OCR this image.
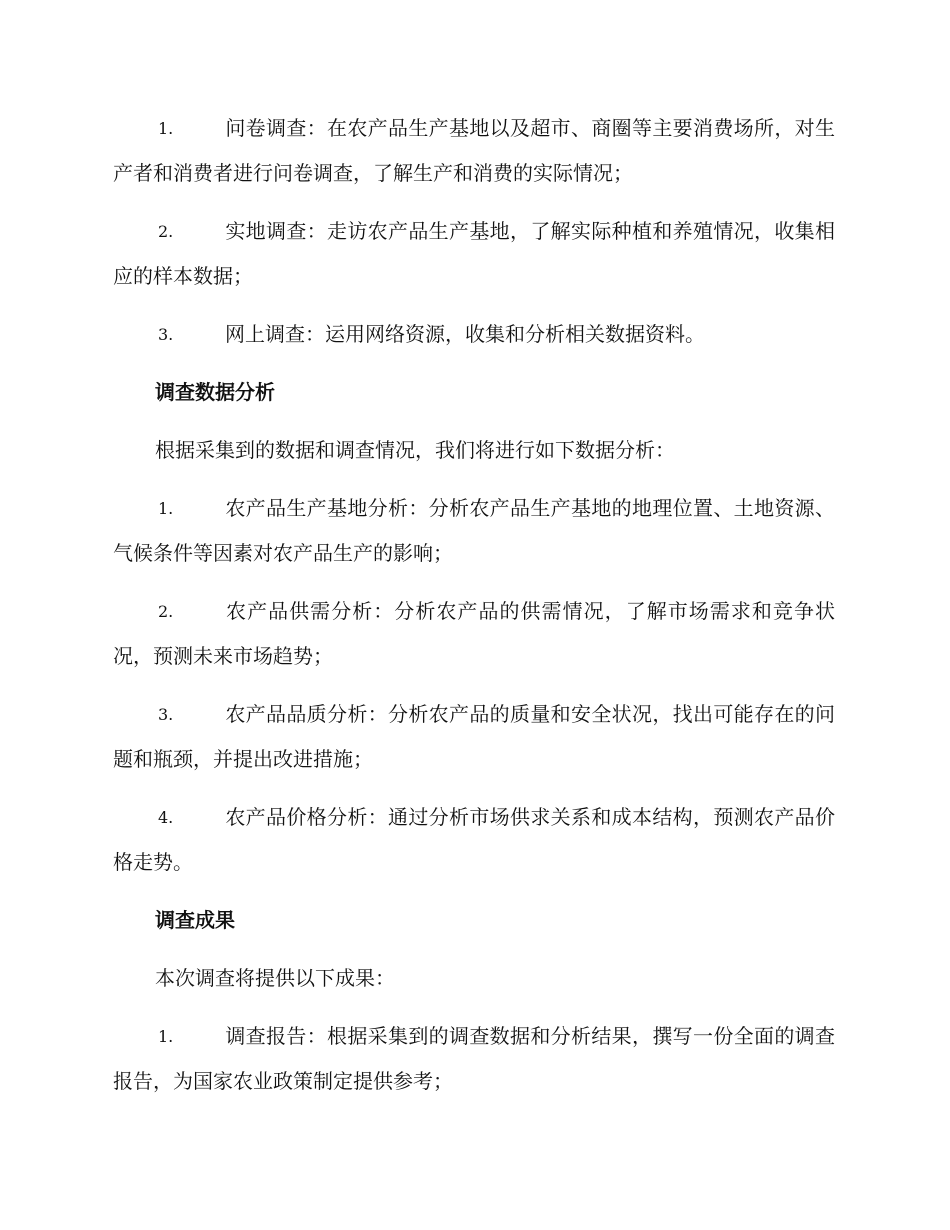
1.	问卷调查：在农产品生产基地以及超市、商圈等主要消费场所，对生产者和消费者进行问卷调查，了解生产和消费的实际情况；
2.	实地调查：走访农产品生产基地，了解实际种植和养殖情况，收集相应的样本数据；
3.	网上调查：运用网络资源，收集和分析相关数据资料。
调查数据分析
根据采集到的数据和调查情况，我们将进行如下数据分析：
1.	农产品生产基地分析：分析农产品生产基地的地理位置、土地资源、气候条件等因素对农产品生产的影响；
2.	农产品供需分析：分析农产品的供需情况，了解市场需求和竞争状况，预测未来市场趋势；
3.	农产品品质分析：分析农产品的质量和安全状况，找出可能存在的问题和瓶颈，并提出改进措施；
4.	农产品价格分析：通过分析市场供求关系和成本结构，预测农产品价格走势。
调查成果
本次调查将提供以下成果：
1.	调查报告：根据采集到的调查数据和分析结果，撰写一份全面的调查报告，为国家农业政策制定提供参考；
